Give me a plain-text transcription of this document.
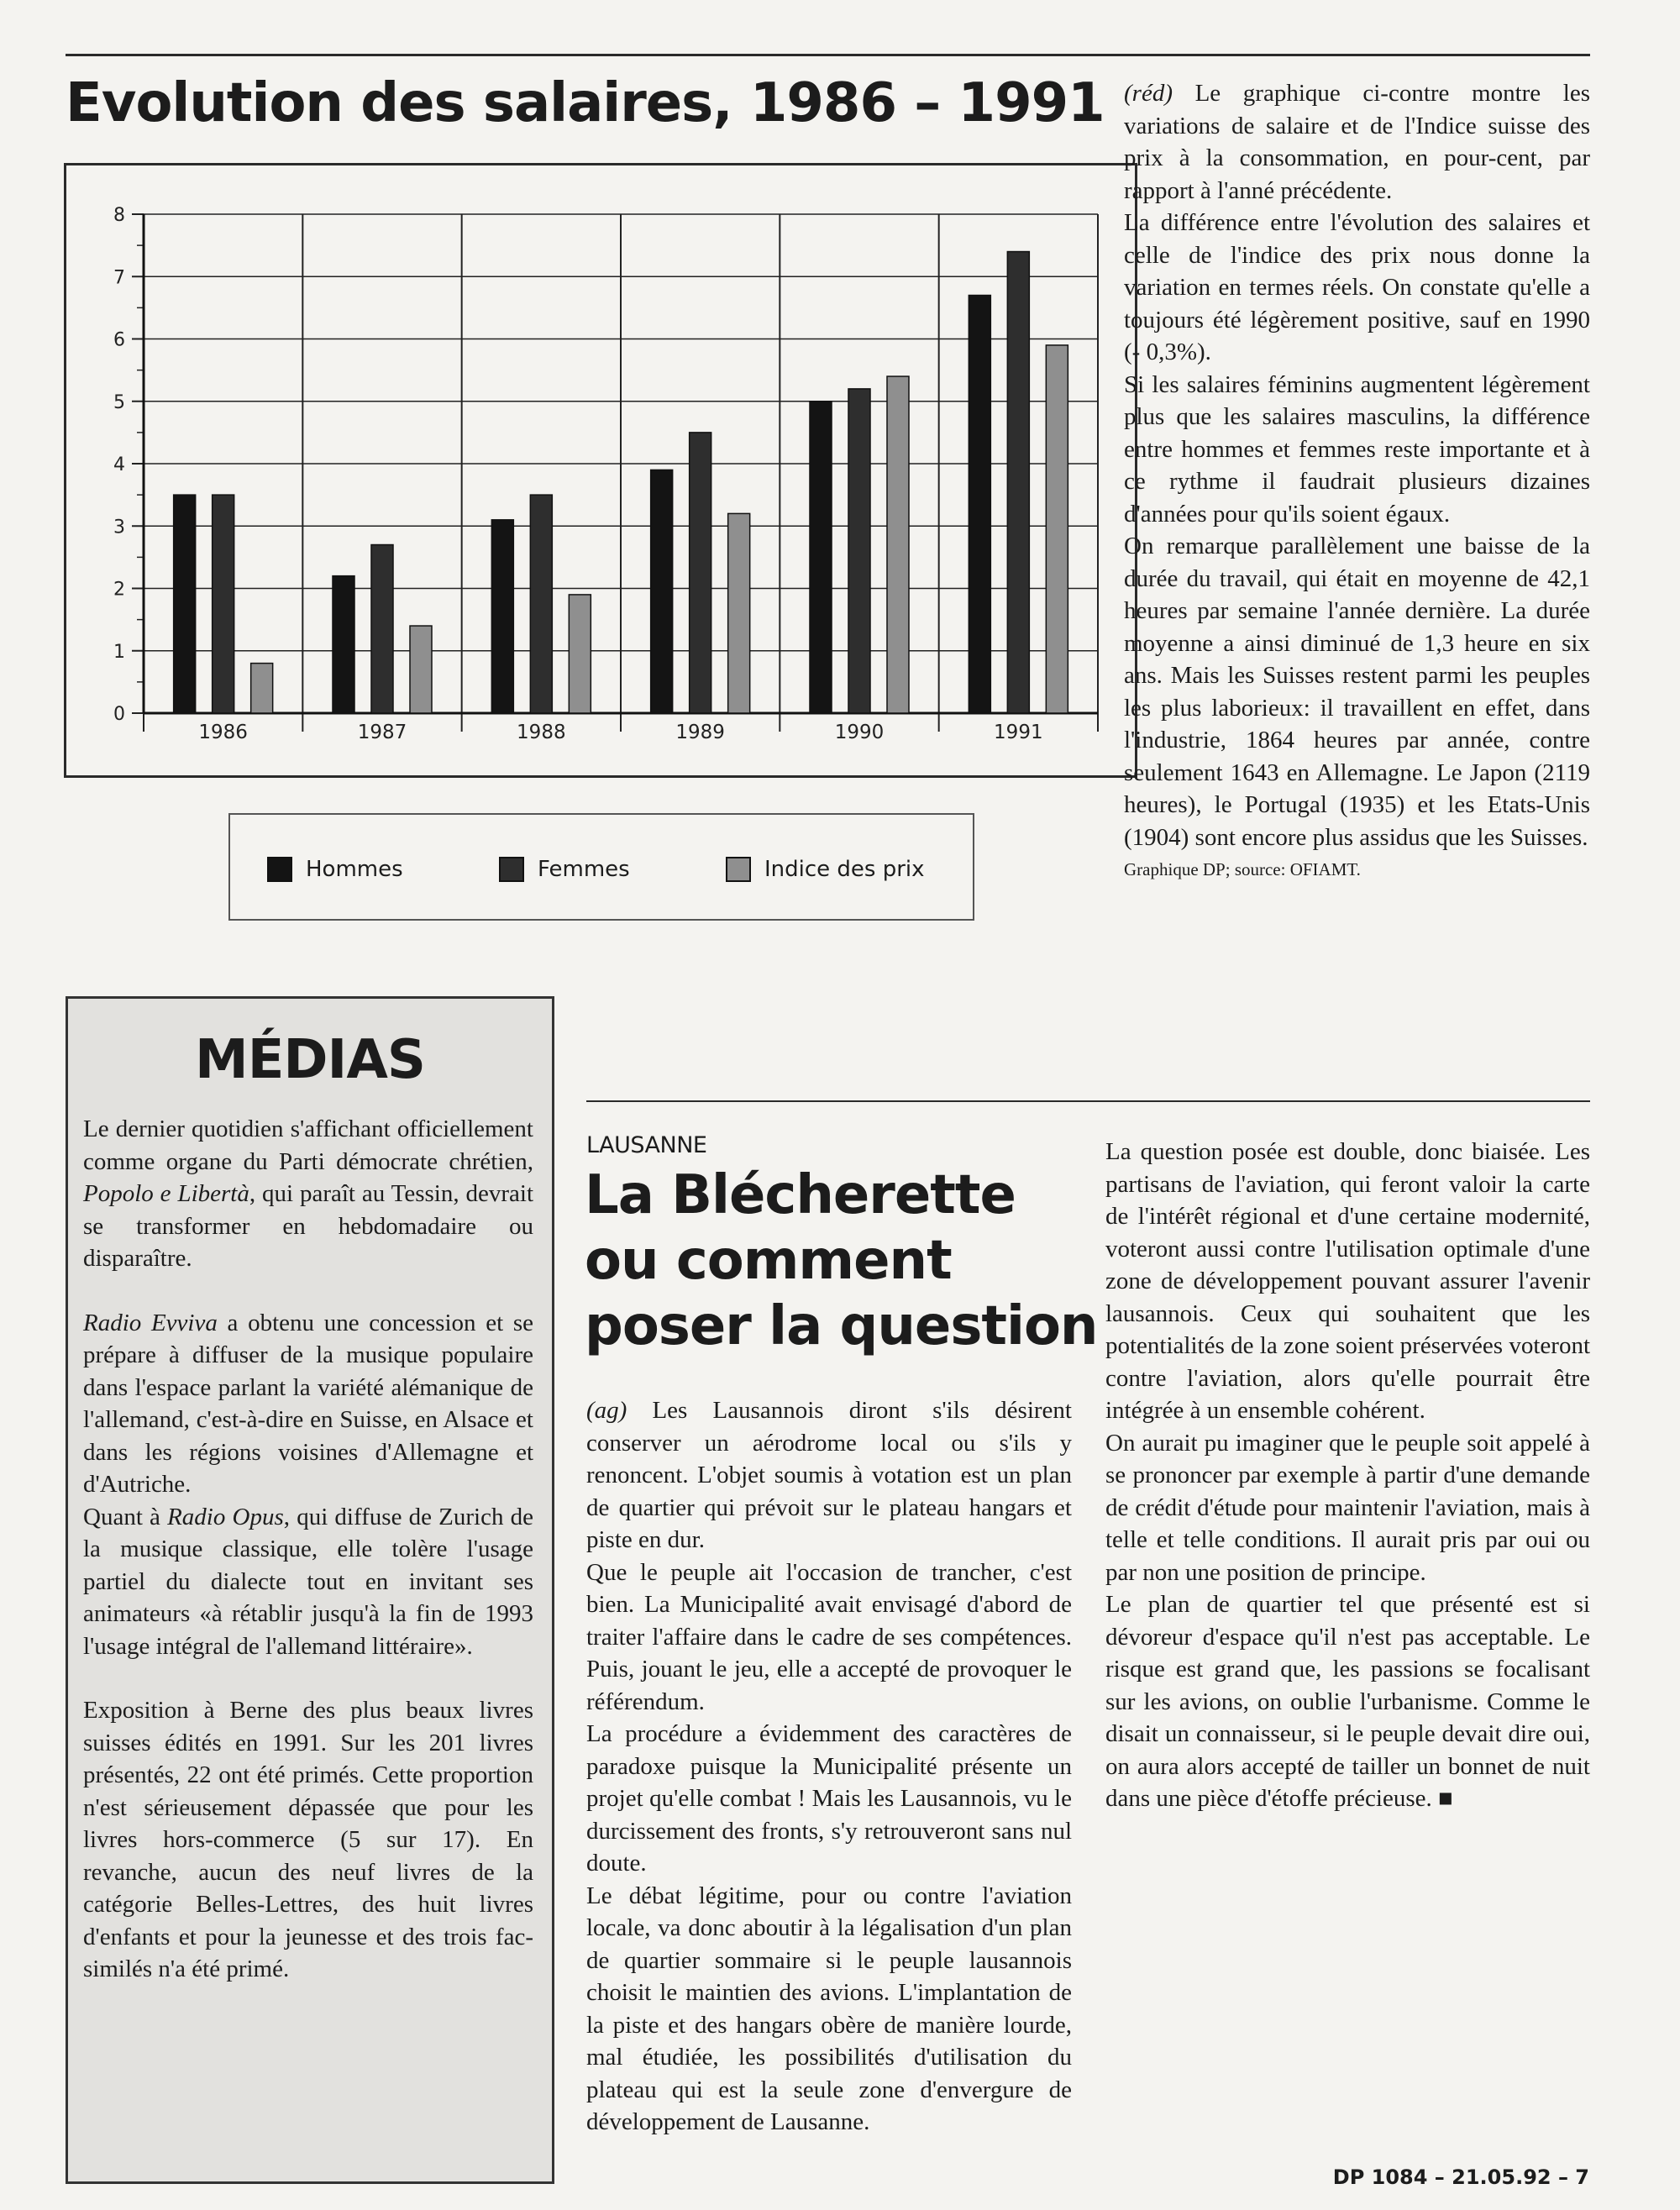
Evolution des salaires, 1986 – 1991
0
1
2
3
4
5
6
7
8
1986	1987	1988	1989	1990	1991
Hommes	Femmes	Indice des prix

(réd) Le graphique ci-contre montre les variations de salaire et de l'Indice suisse des prix à la consommation, en pour-cent, par rapport à l'anné précédente.

La différence entre l'évolution des salaires et celle de l'indice des prix nous donne la variation en termes réels. On constate qu'elle a toujours été légèrement positive, sauf en 1990 (- 0,3%).

Si les salaires féminins augmentent légèrement plus que les salaires masculins, la différence entre hommes et femmes reste importante et à ce rythme il faudrait plusieurs dizaines d'années pour qu'ils soient égaux.

On remarque parallèlement une baisse de la durée du travail, qui était en moyenne de 42,1 heures par semaine l'année dernière. La durée moyenne a ainsi diminué de 1,3 heure en six ans. Mais les Suisses restent parmi les peuples les plus laborieux: il travaillent en effet, dans l'industrie, 1864 heures par année, contre seulement 1643 en Allemagne. Le Japon (2119 heures), le Portugal (1935) et les Etats-Unis (1904) sont encore plus assidus que les Suisses.

Graphique DP; source: OFIAMT.

MÉDIAS

Le dernier quotidien s'affichant officiellement comme organe du Parti démocrate chrétien, Popolo e Libertà, qui paraît au Tessin, devrait se transformer en hebdomadaire ou disparaître.

Radio Evviva a obtenu une concession et se prépare à diffuser de la musique populaire dans l'espace parlant la variété alémanique de l'allemand, c'est-à-dire en Suisse, en Alsace et dans les régions voisines d'Allemagne et d'Autriche.

Quant à Radio Opus, qui diffuse de Zurich de la musique classique, elle tolère l'usage partiel du dialecte tout en invitant ses animateurs «à rétablir jusqu'à la fin de 1993 l'usage intégral de l'allemand littéraire».

Exposition à Berne des plus beaux livres suisses édités en 1991. Sur les 201 livres présentés, 22 ont été primés. Cette proportion n'est sérieusement dépassée que pour les livres hors-commerce (5 sur 17). En revanche, aucun des neuf livres de la catégorie Belles-Lettres, des huit livres d'enfants et pour la jeunesse et des trois fac-similés n'a été primé.

LAUSANNE
La Blécherette
ou comment
poser la question

(ag) Les Lausannois diront s'ils désirent conserver un aérodrome local ou s'ils y renoncent. L'objet soumis à votation est un plan de quartier qui prévoit sur le plateau hangars et piste en dur.

Que le peuple ait l'occasion de trancher, c'est bien. La Municipalité avait envisagé d'abord de traiter l'affaire dans le cadre de ses compétences. Puis, jouant le jeu, elle a accepté de provoquer le référendum.

La procédure a évidemment des caractères de paradoxe puisque la Municipalité présente un projet qu'elle combat ! Mais les Lausannois, vu le durcissement des fronts, s'y retrouveront sans nul doute.

Le débat légitime, pour ou contre l'aviation locale, va donc aboutir à la légalisation d'un plan de quartier sommaire si le peuple lausannois choisit le maintien des avions. L'implantation de la piste et des hangars obère de manière lourde, mal étudiée, les possibilités d'utilisation du plateau qui est la seule zone d'envergure de développement de Lausanne.

La question posée est double, donc biaisée. Les partisans de l'aviation, qui feront valoir la carte de l'intérêt régional et d'une certaine modernité, voteront aussi contre l'utilisation optimale d'une zone de développement pouvant assurer l'avenir lausannois. Ceux qui souhaitent que les potentialités de la zone soient préservées voteront contre l'aviation, alors qu'elle pourrait être intégrée à un ensemble cohérent.

On aurait pu imaginer que le peuple soit appelé à se prononcer par exemple à partir d'une demande de crédit d'étude pour maintenir l'aviation, mais à telle et telle conditions. Il aurait pris par oui ou par non une position de principe.

Le plan de quartier tel que présenté est si dévoreur d'espace qu'il n'est pas acceptable. Le risque est grand que, les passions se focalisant sur les avions, on oublie l'urbanisme. Comme le disait un connaisseur, si le peuple devait dire oui, on aura alors accepté de tailler un bonnet de nuit dans une pièce d'étoffe précieuse. ■

DP 1084 – 21.05.92 – 7
